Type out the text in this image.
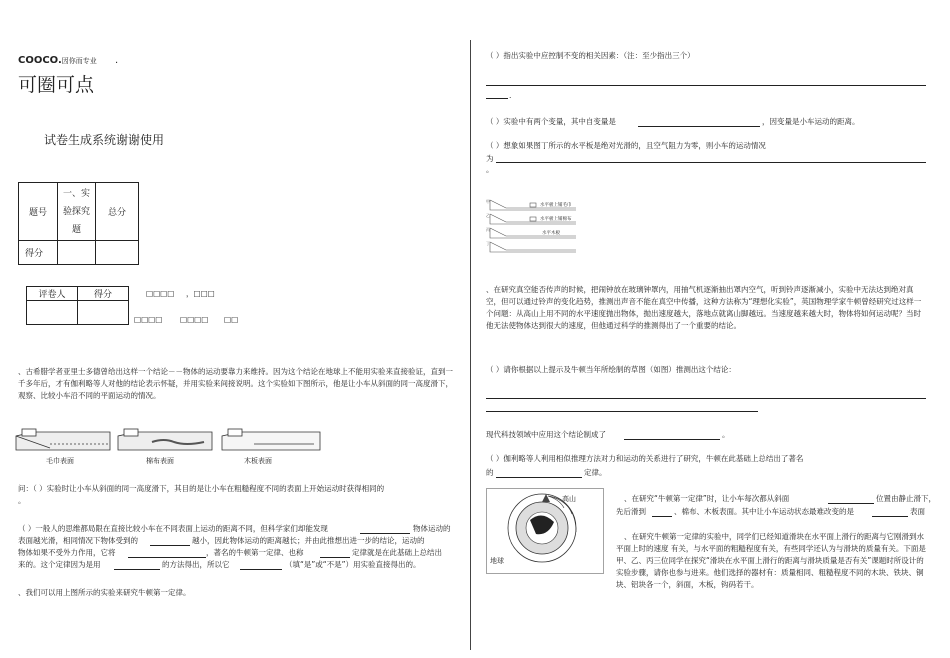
COOCO.因你而专业 .
可圈可点
试卷生成系统谢谢使用
题号	一、实验探究题	总分
得分		
评卷人	得分
		□□□□ ，□□□
□□□□ □□□□ □□
、古希腊学者亚里士多德曾给出这样一个结论－－物体的运动要靠力来维持。因为这个结论在地球上不能用实验来直接验证，直到一千多年后，才有伽利略等人对他的结论表示怀疑，并用实验来间接说明。这个实验如下图所示，他是让小车从斜面的同一高度滑下，观察、比较小车沿不同的平面运动的情况。
毛巾表面	棉布表面	木板表面
问：（ ）实验时让小车从斜面的同一高度滑下，其目的是让小车在粗糙程度不同的表面上开始运动时获得相同的
。
（ ）一般人的思维都局限在直接比较小车在不同表面上运动的距离不同，但科学家们却能发现	物体运动的
表面越光滑，相同情况下物体受到的	越小，因此物体运动的距离越长；并由此推想出进一步的结论，运动的
物体如果不受外力作用，它将	，著名的牛顿第一定律、也称	定律就是在此基础上总结出
来的。这个定律因为是用	的方法得出，所以它	（填“是”或“不是”）用实验直接得出的。
、我们可以用上图所示的实验来研究牛顿第一定律。
（ ）指出实验中应控制不变的相关因素：（注：至少指出三个）
.
（ ）实验中有两个变量，其中自变量是	，因变量是小车运动的距离。
（ ）想象如果图丁所示的水平板是绝对光滑的，且空气阻力为零，则小车的运动情况
为
。
甲
乙
丙
丁
水平板上铺毛巾
水平板上铺棉布
水平木板
、在研究真空能否传声的时候，把闹钟放在玻璃钟罩内，用抽气机逐渐抽出罩内空气，听到铃声逐渐减小，实验中无法达到绝对真空，但可以通过铃声的变化趋势，推测出声音不能在真空中传播，这种方法称为“理想化实验”，英国物理学家牛顿曾经研究过这样一个问题：从高山上用不同的水平速度抛出物体，抛出速度越大，落地点就离山脚越远。当速度越来越大时，物体将如何运动呢？当时他无法使物体达到很大的速度，但他通过科学的推测得出了一个重要的结论。
（ ）请你根据以上提示及牛顿当年所绘制的草图（如图）推测出这个结论：
现代科技领域中应用这个结论制成了	。
（ ）伽利略等人利用相似推理方法对力和运动的关系进行了研究，牛顿在此基础上总结出了著名
的	定律。
高山
地球
、在研究“牛顿第一定律”时，让小车每次都从斜面	位置由静止滑下，
先后滑到	、棉布、木板表面。其中让小车运动状态最难改变的是	表面
、在研究牛顿第一定律的实验中，同学们已经知道滑块在水平面上滑行的距离与它刚滑到水平面上时的速度 有关，与水平面的粗糙程度有关，有些同学还认为与滑块的质量有关。下面是甲、乙、丙三位同学在探究“滑块在水平面上滑行的距离与滑块质量是否有关”课题时所设计的实验步骤，请你也参与进来。他们选择的器材有：质量相同、粗糙程度不同的木块、铁块、铜块、铝块各一个，斜面，木板，钩码若干。
